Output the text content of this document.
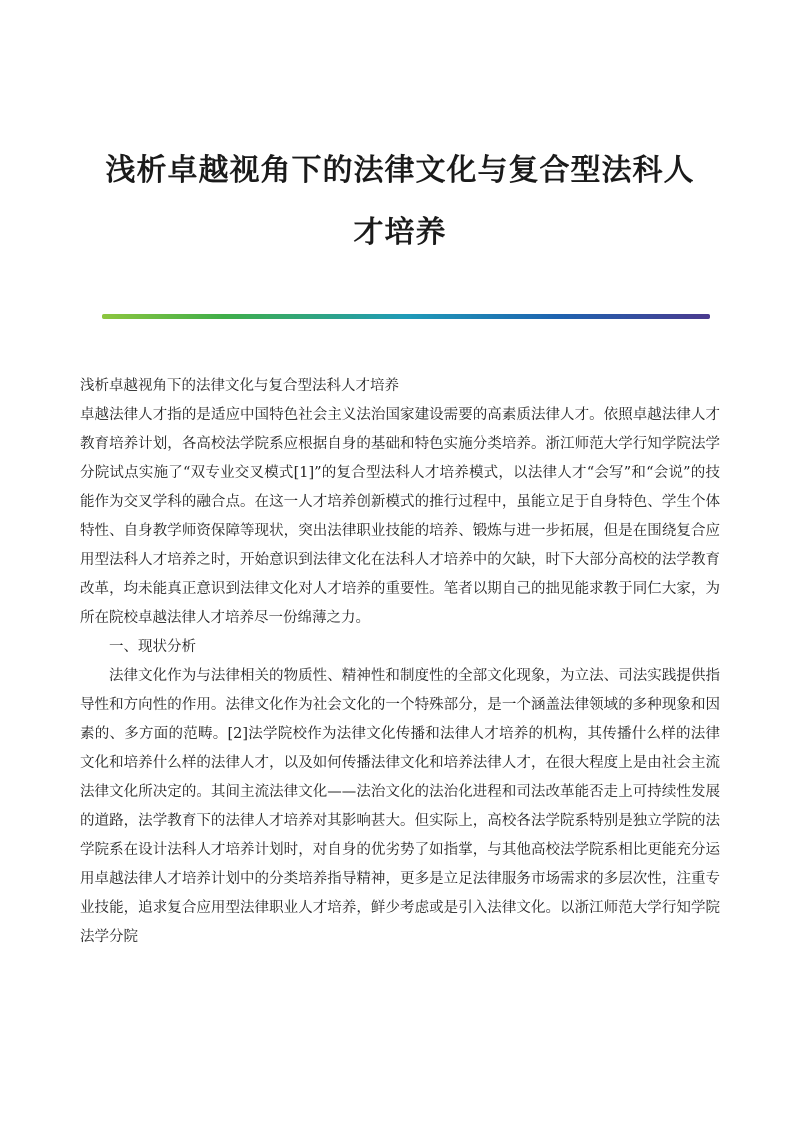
浅析卓越视角下的法律文化与复合型法科人
才培养

浅析卓越视角下的法律文化与复合型法科人才培养

卓越法律人才指的是适应中国特色社会主义法治国家建设需要的高素质法律人才。依照卓越法律人才教育培养计划，各高校法学院系应根据自身的基础和特色实施分类培养。浙江师范大学行知学院法学分院试点实施了“双专业交叉模式[1]”的复合型法科人才培养模式，以法律人才“会写”和“会说”的技能作为交叉学科的融合点。在这一人才培养创新模式的推行过程中，虽能立足于自身特色、学生个体特性、自身教学师资保障等现状，突出法律职业技能的培养、锻炼与进一步拓展，但是在围绕复合应用型法科人才培养之时，开始意识到法律文化在法科人才培养中的欠缺，时下大部分高校的法学教育改革，均未能真正意识到法律文化对人才培养的重要性。笔者以期自己的拙见能求教于同仁大家，为所在院校卓越法律人才培养尽一份绵薄之力。

一、现状分析

法律文化作为与法律相关的物质性、精神性和制度性的全部文化现象，为立法、司法实践提供指导性和方向性的作用。法律文化作为社会文化的一个特殊部分，是一个涵盖法律领域的多种现象和因素的、多方面的范畴。[2]法学院校作为法律文化传播和法律人才培养的机构，其传播什么样的法律文化和培养什么样的法律人才，以及如何传播法律文化和培养法律人才，在很大程度上是由社会主流法律文化所决定的。其间主流法律文化——法治文化的法治化进程和司法改革能否走上可持续性发展的道路，法学教育下的法律人才培养对其影响甚大。但实际上，高校各法学院系特别是独立学院的法学院系在设计法科人才培养计划时，对自身的优劣势了如指掌，与其他高校法学院系相比更能充分运用卓越法律人才培养计划中的分类培养指导精神，更多是立足法律服务市场需求的多层次性，注重专业技能，追求复合应用型法律职业人才培养，鲜少考虑或是引入法律文化。以浙江师范大学行知学院法学分院
